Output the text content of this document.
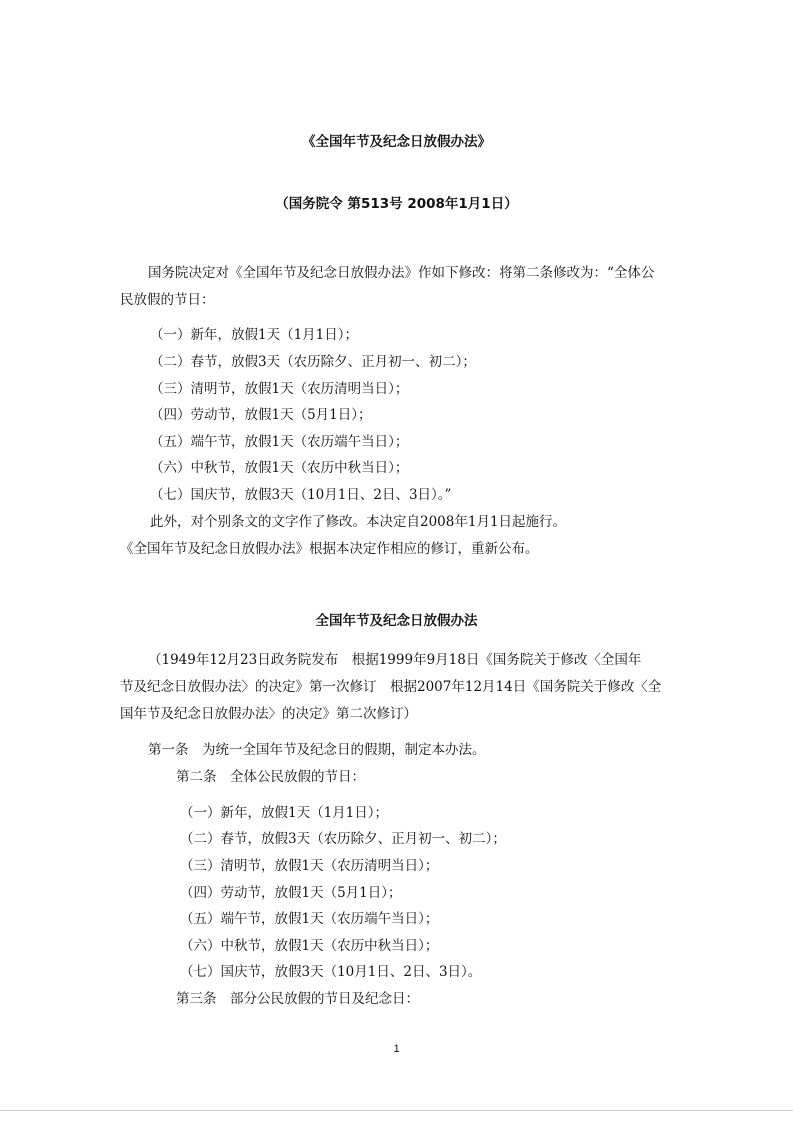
《全国年节及纪念日放假办法》
（国务院令 第513号 2008年1月1日）
国务院决定对《全国年节及纪念日放假办法》作如下修改：将第二条修改为：“全体公
民放假的节日：
（一）新年，放假1天（1月1日）；
（二）春节，放假3天（农历除夕、正月初一、初二）；
（三）清明节，放假1天（农历清明当日）；
（四）劳动节，放假1天（5月1日）；
（五）端午节，放假1天（农历端午当日）；
（六）中秋节，放假1天（农历中秋当日）；
（七）国庆节，放假3天（10月1日、2日、3日）。”
此外，对个别条文的文字作了修改。本决定自2008年1月1日起施行。
《全国年节及纪念日放假办法》根据本决定作相应的修订，重新公布。
全国年节及纪念日放假办法
（1949年12月23日政务院发布　根据1999年9月18日《国务院关于修改〈全国年
节及纪念日放假办法〉的决定》第一次修订　根据2007年12月14日《国务院关于修改〈全
国年节及纪念日放假办法〉的决定》第二次修订）
第一条　为统一全国年节及纪念日的假期，制定本办法。
第二条　全体公民放假的节日：
（一）新年，放假1天（1月1日）；
（二）春节，放假3天（农历除夕、正月初一、初二）；
（三）清明节，放假1天（农历清明当日）；
（四）劳动节，放假1天（5月1日）；
（五）端午节，放假1天（农历端午当日）；
（六）中秋节，放假1天（农历中秋当日）；
（七）国庆节，放假3天（10月1日、2日、3日）。
第三条　部分公民放假的节日及纪念日：
1
